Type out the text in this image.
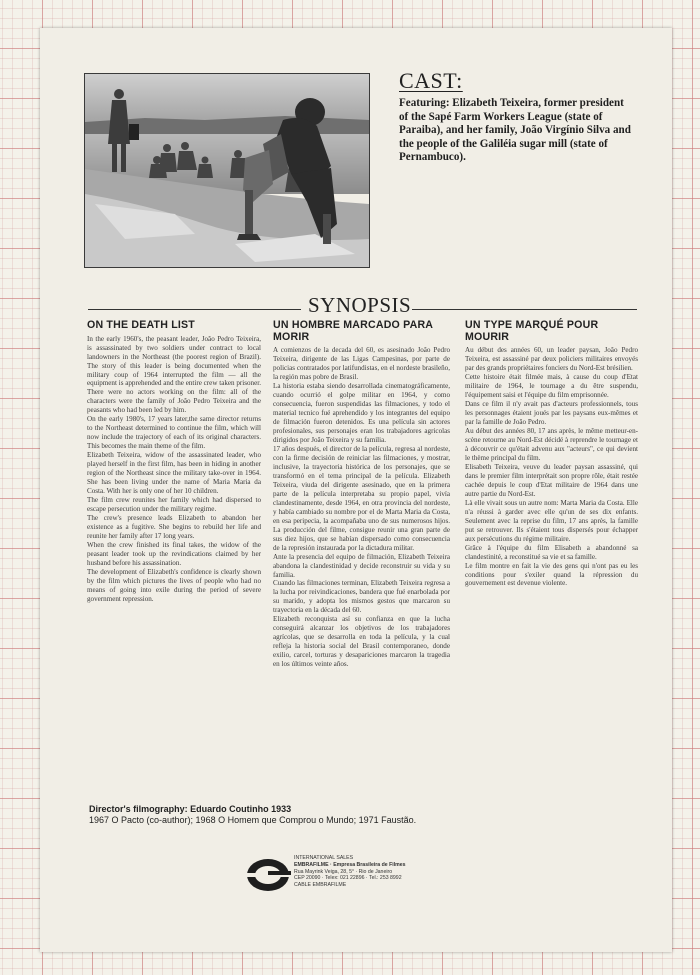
CAST:
Featuring: Elizabeth Teixeira, former president of the Sapé Farm Workers League (state of Paraiba), and her family, João Virgínio Silva and the people of the Galiléia sugar mill (state of Pernambuco).
SYNOPSIS
ON THE DEATH LIST

In the early 1960's, the peasant leader, João Pedro Teixeira, is assassinated by two soldiers under contract to local landowners in the Northeast (the poorest region of Brazil). The story of this leader is being documented when the military coup of 1964 interrupted the film — all the equipment is apprehended and the entire crew taken prisoner. There were no actors working on the film: all of the characters were the family of João Pedro Teixeira and the peasants who had been led by him.
On the early 1980's, 17 years later,the same director returns to the Northeast determined to continue the film, which will now include the trajectory of each of its original characters. This becomes the main theme of the film.
Elizabeth Teixeira, widow of the assassinated leader, who played herself in the first film, has been in hiding in another region of the Northeast since the military take-over in 1964. She has been living under the name of Maria Maria da Costa. With her is only one of her 10 children.
The film crew reunites her family which had dispersed to escape persecution under the military regime.
The crew's presence leads Elizabeth to abandon her existence as a fugitive. She begins to rebuild her life and reunite her family after 17 long years.
When the crew finished its final takes, the widow of the peasant leader took up the revindications claimed by her husband before his assassination.
The development of Elizabeth's confidence is clearly shown by the film which pictures the lives of people who had no means of going into exile during the period of severe government repression.

UN HOMBRE MARCADO PARA MORIR

A comienzos de la decada del 60, es asesinado João Pedro Teixeira, dirigente de las Ligas Campesinas, por parte de policias contratados por latifundistas, en el nordeste brasileño, la región mas pobre de Brasil.
La historia estaba siendo desarrollada cinematográficamente, cuando ocurrió el golpe militar en 1964, y como consecuencia, fueron suspendidas las filmaciones, y todo el material tecnico fué aprehendido y los integrantes del equipo de filmación fueron detenidos. Es una película sin actores profesionales, sus personajes eran los trabajadores agricolas dirigidos por João Teixeira y su familia.
17 años después, el director de la película, regresa al nordeste, con la firme decisión de reiniciar las filmaciones, y mostrar, inclusive, la trayectoria histórica de los personajes, que se transformó en el tema principal de la película. Elizabeth Teixeira, viuda del dirigente asesinado, que en la primera parte de la película interpretaba su propio papel, vivía clandestinamente, desde 1964, en otra provincia del nordeste, y había cambiado su nombre por el de Marta Maria da Costa, en esa peripecia, la acompañaba uno de sus numerosos hijos. La producción del filme, consigue reunir una gran parte de sus diez hijos, que se habían dispersado como consecuencia de la represión instaurada por la dictadura militar.
Ante la presencia del equipo de filmación, Elizabeth Teixeira abandona la clandestinidad y decide reconstruir su vida y su familia.
Cuando las filmaciones terminan, Elizabeth Teixeira regresa a la lucha por reivindicaciones, bandera que fué enarbolada por su marido, y adopta los mismos gestos que marcaron su trayectoria en la década del 60.
Elizabeth reconquista así su confianza en que la lucha conseguirá alcanzar los objetivos de los trabajadores agrícolas, que se desarrolla en toda la película, y la cual refleja la historia social del Brasil contemporaneo, donde exilio, carcel, torturas y desapariciones marcaron la tragedia en los últimos veinte años.

UN TYPE MARQUÉ POUR MOURIR

Au début des années 60, un leader paysan, João Pedro Teixeira, est assassiné par deux policiers militaires envoyés par des grands propriétaires fonciers du Nord-Est brésilien.
Cette histoire était filmée mais, à cause du coup d'Etat militaire de 1964, le tournage a du être suspendu, l'équipement saisi et l'équipe du film emprisonnée.
Dans ce film il n'y avait pas d'acteurs professionnels, tous les personnages étaient joués par les paysans eux-mêmes et par la famille de João Pedro.
Au début des années 80, 17 ans après, le même metteur-en-scène retourne au Nord-Est décidé à reprendre le tournage et à découvrir ce qu'était advenu aux "acteurs", ce qui devient le thème principal du film.
Elisabeth Teixeira, veuve du leader paysan assassiné, qui dans le premier film interprétait son propre rôle, était restée cachée depuis le coup d'Etat militaire de 1964 dans une autre partie du Nord-Est.
Là elle vivait sous un autre nom: Marta Maria da Costa. Elle n'a réussi à garder avec elle qu'un de ses dix enfants. Seulement avec la reprise du film, 17 ans après, la famille put se retrouver. Ils s'étaient tous dispersés pour échapper aux persécutions du régime militaire.
Grâce à l'équipe du film Elisabeth a abandonné sa clandestinité, a reconstitué sa vie et sa famille.
Le film montre en fait la vie des gens qui n'ont pas eu les conditions pour s'exiler quand la répression du gouvernement est devenue violente.

Director's filmography: Eduardo Coutinho 1933
1967 O Pacto (co-author); 1968 O Homem que Comprou o Mundo; 1971 Faustão.
INTERNATIONAL SALES
EMBRAFILME · Empresa Brasileira de Filmes
Rua Mayrink Veiga, 28, 5° · Rio de Janeiro
CEP 20090 · Telex: 021 22896 · Tel.: 253 8992
CABLE EMBRAFILME
